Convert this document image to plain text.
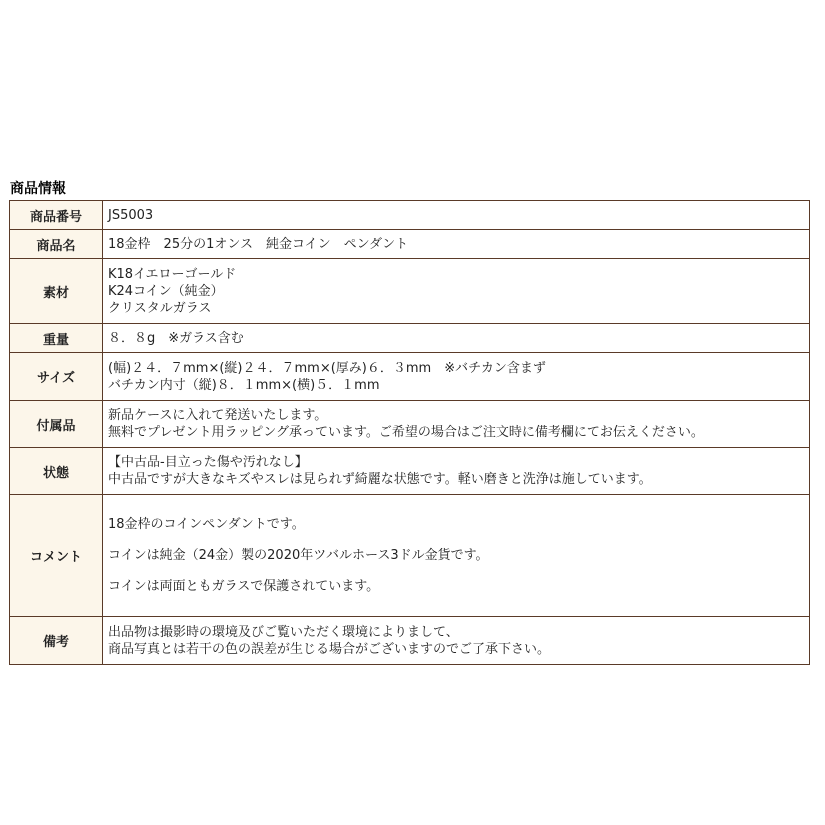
商品情報
商品番号	JS5003
商品名	18金枠　25分の1オンス　純金コイン　ペンダント
素材	K18イエローゴールド
K24コイン（純金）
クリスタルガラス

重量	８．８g　※ガラス含む
サイズ	(幅)２４．７mm×(縦)２４．７mm×(厚み)６．３mm　※バチカン含まず
バチカン内寸（縦)８．１mm×(横)５．１mm

付属品	新品ケースに入れて発送いたします。
無料でプレゼント用ラッピング承っています。ご希望の場合はご注文時に備考欄にてお伝えください。

状態	【中古品-目立った傷や汚れなし】
中古品ですが大きなキズやスレは見られず綺麗な状態です。軽い磨きと洗浄は施しています。

コメント	18金枠のコインペンダントです。
コインは純金（24金）製の2020年ツバルホース3ドル金貨です。
コインは両面ともガラスで保護されています。

備考	出品物は撮影時の環境及びご覧いただく環境によりまして、
商品写真とは若干の色の誤差が生じる場合がございますのでご了承下さい。
